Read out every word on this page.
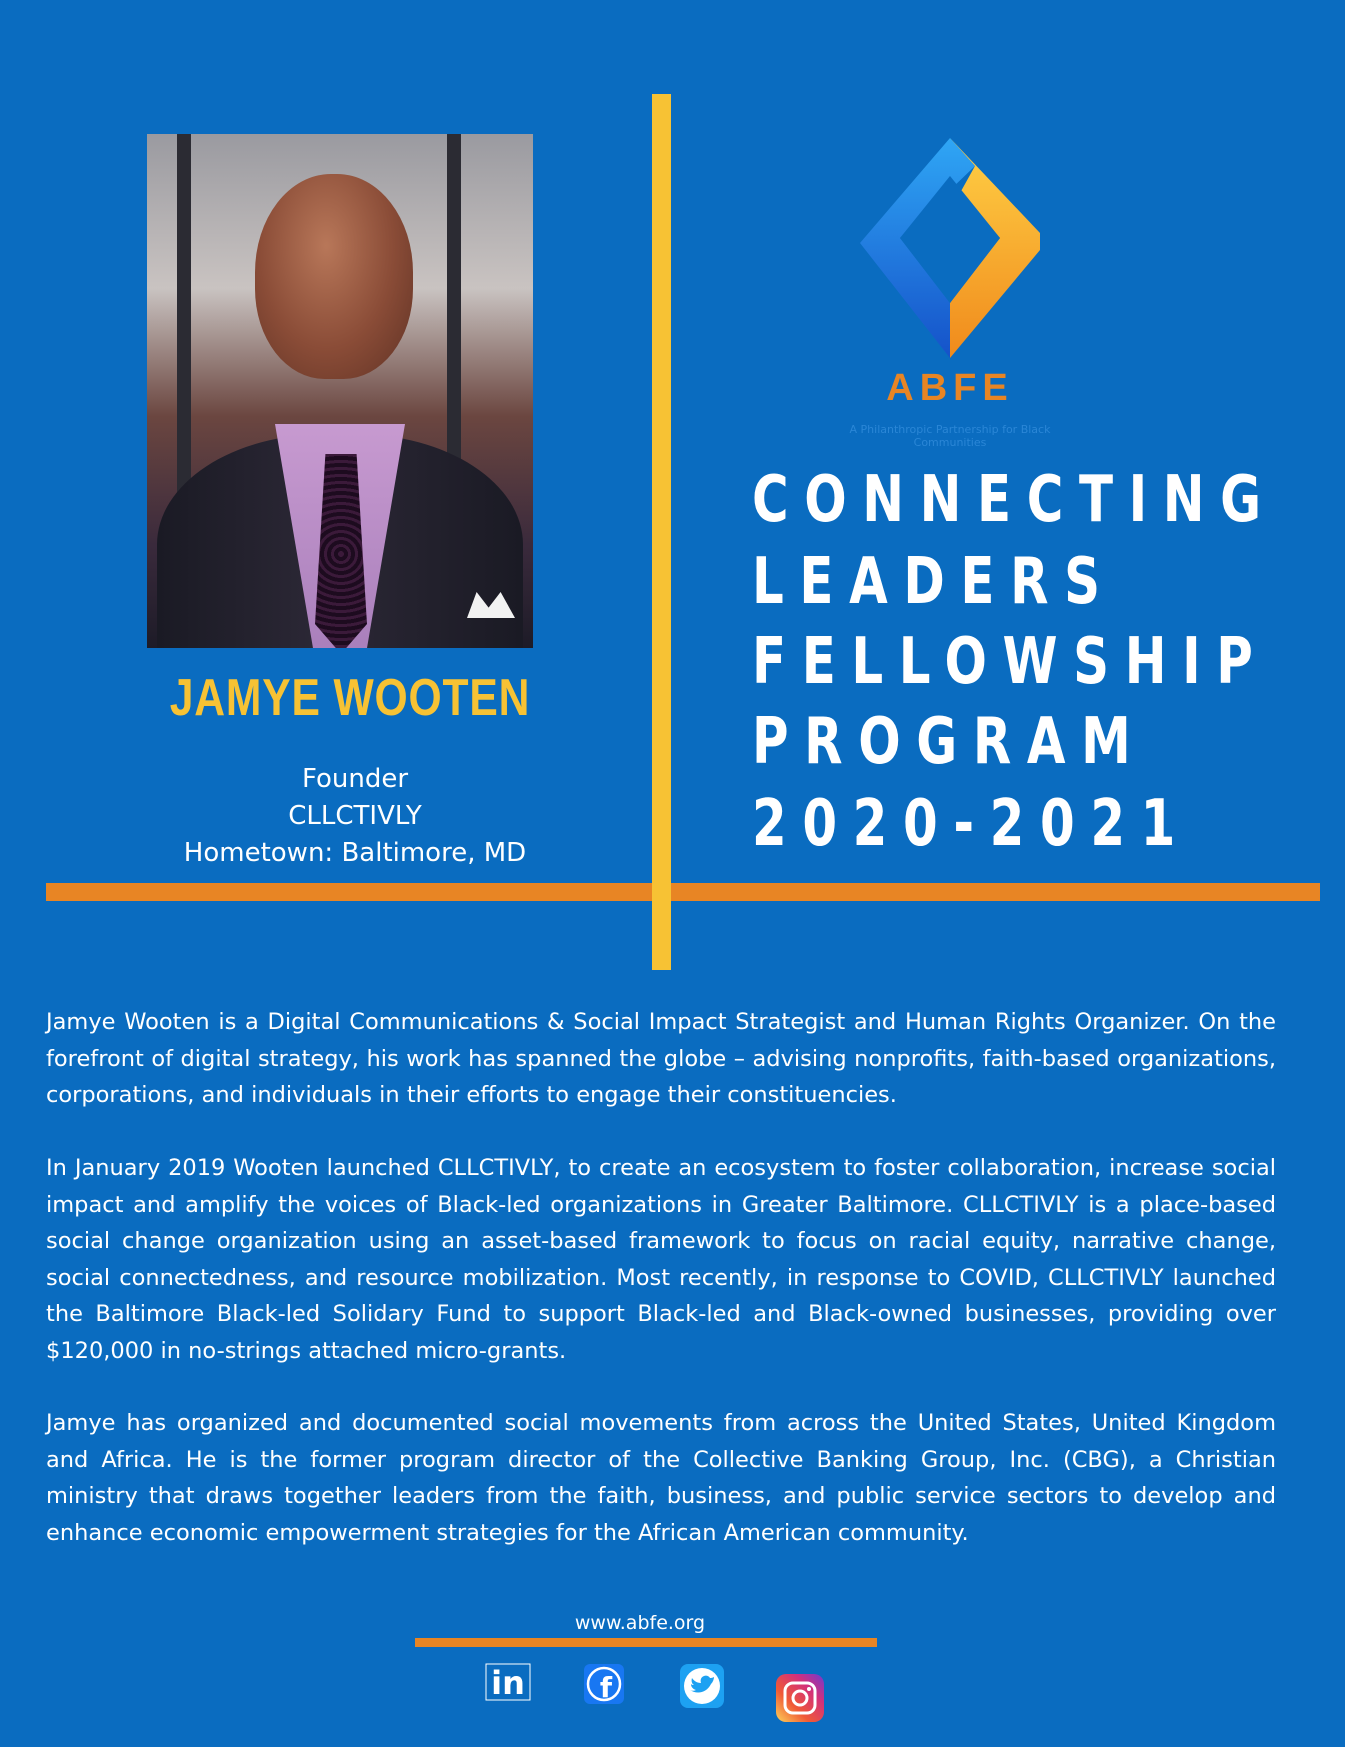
JAMYE WOOTEN

Founder

CLLCTIVLY

Hometown: Baltimore, MD

ABFE

A Philanthropic Partnership for Black Communities

CONNECTING
LEADERS
FELLOWSHIP
PROGRAM
2020-2021

Jamye Wooten is a Digital Communications & Social Impact Strategist and Human Rights Organizer. On the forefront of digital strategy, his work has spanned the globe – advising nonprofits, faith-based organizations, corporations, and individuals in their efforts to engage their constituencies.

In January 2019 Wooten launched CLLCTIVLY, to create an ecosystem to foster collaboration, increase social impact and amplify the voices of Black-led organizations in Greater Baltimore. CLLCTIVLY is a place-based social change organization using an asset-based framework to focus on racial equity, narrative change, social connectedness, and resource mobilization. Most recently, in response to COVID, CLLCTIVLY launched the Baltimore Black-led Solidary Fund to support Black-led and Black-owned businesses, providing over $120,000 in no-strings attached micro-grants.

Jamye has organized and documented social movements from across the United States, United Kingdom and Africa. He is the former program director of the Collective Banking Group, Inc. (CBG), a Christian ministry that draws together leaders from the faith, business, and public service sectors to develop and enhance economic empowerment strategies for the African American community.

www.abfe.org

in	f
